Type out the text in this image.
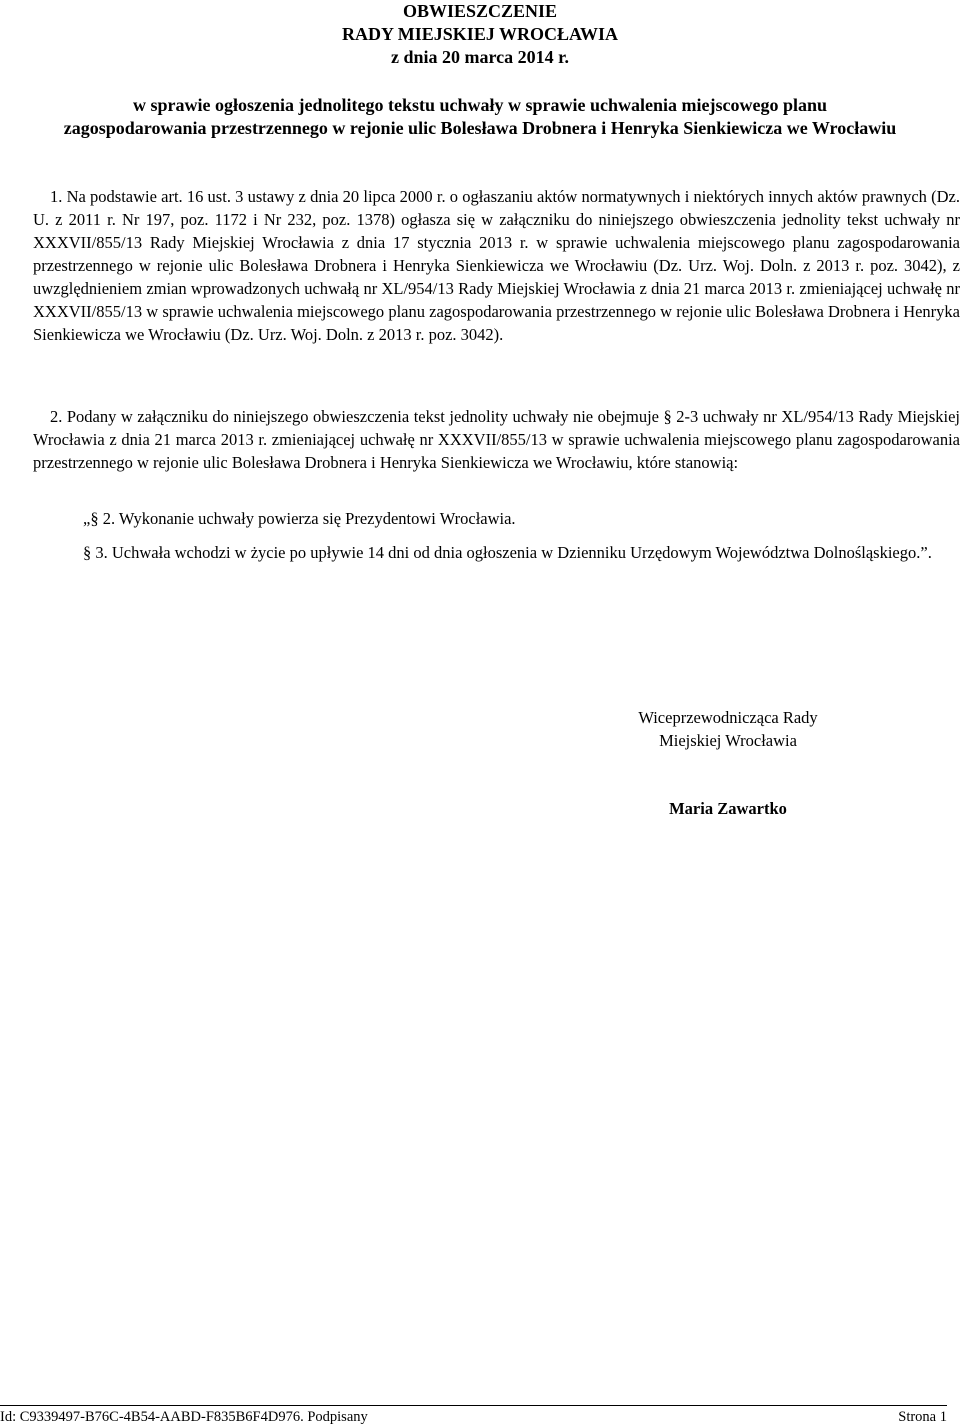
OBWIESZCZENIE
RADY MIEJSKIEJ WROCŁAWIA
z dnia 20 marca 2014 r.
w sprawie ogłoszenia jednolitego tekstu uchwały w sprawie uchwalenia miejscowego planu
zagospodarowania przestrzennego w rejonie ulic Bolesława Drobnera i Henryka Sienkiewicza we Wrocławiu

1. Na podstawie art. 16 ust. 3 ustawy z dnia 20 lipca 2000 r. o ogłaszaniu aktów normatywnych i niektórych innych aktów prawnych (Dz. U. z 2011 r. Nr 197, poz. 1172 i Nr 232, poz. 1378) ogłasza się w załączniku do niniejszego obwieszczenia jednolity tekst uchwały nr XXXVII/855/13 Rady Miejskiej Wrocławia z dnia 17 stycznia 2013 r. w sprawie uchwalenia miejscowego planu zagospodarowania przestrzennego w rejonie ulic Bolesława Drobnera i Henryka Sienkiewicza we Wrocławiu (Dz. Urz. Woj. Doln. z 2013 r. poz. 3042), z uwzględnieniem zmian wprowadzonych uchwałą nr XL/954/13 Rady Miejskiej Wrocławia z dnia 21 marca 2013 r. zmieniającej uchwałę nr XXXVII/855/13 w sprawie uchwalenia miejscowego planu zagospodarowania przestrzennego w rejonie ulic Bolesława Drobnera i Henryka Sienkiewicza we Wrocławiu (Dz. Urz. Woj. Doln. z 2013 r. poz. 3042).

2. Podany w załączniku do niniejszego obwieszczenia tekst jednolity uchwały nie obejmuje § 2-3 uchwały nr XL/954/13 Rady Miejskiej Wrocławia z dnia 21 marca 2013 r. zmieniającej uchwałę nr XXXVII/855/13 w sprawie uchwalenia miejscowego planu zagospodarowania przestrzennego w rejonie ulic Bolesława Drobnera i Henryka Sienkiewicza we Wrocławiu, które stanowią:

„§ 2. Wykonanie uchwały powierza się Prezydentowi Wrocławia.

§ 3. Uchwała wchodzi w życie po upływie 14 dni od dnia ogłoszenia w Dzienniku Urzędowym Województwa Dolnośląskiego.”.

Wiceprzewodnicząca Rady
Miejskiej Wrocławia
Maria Zawartko
Id: C9339497-B76C-4B54-AABD-F835B6F4D976. Podpisany	Strona 1
